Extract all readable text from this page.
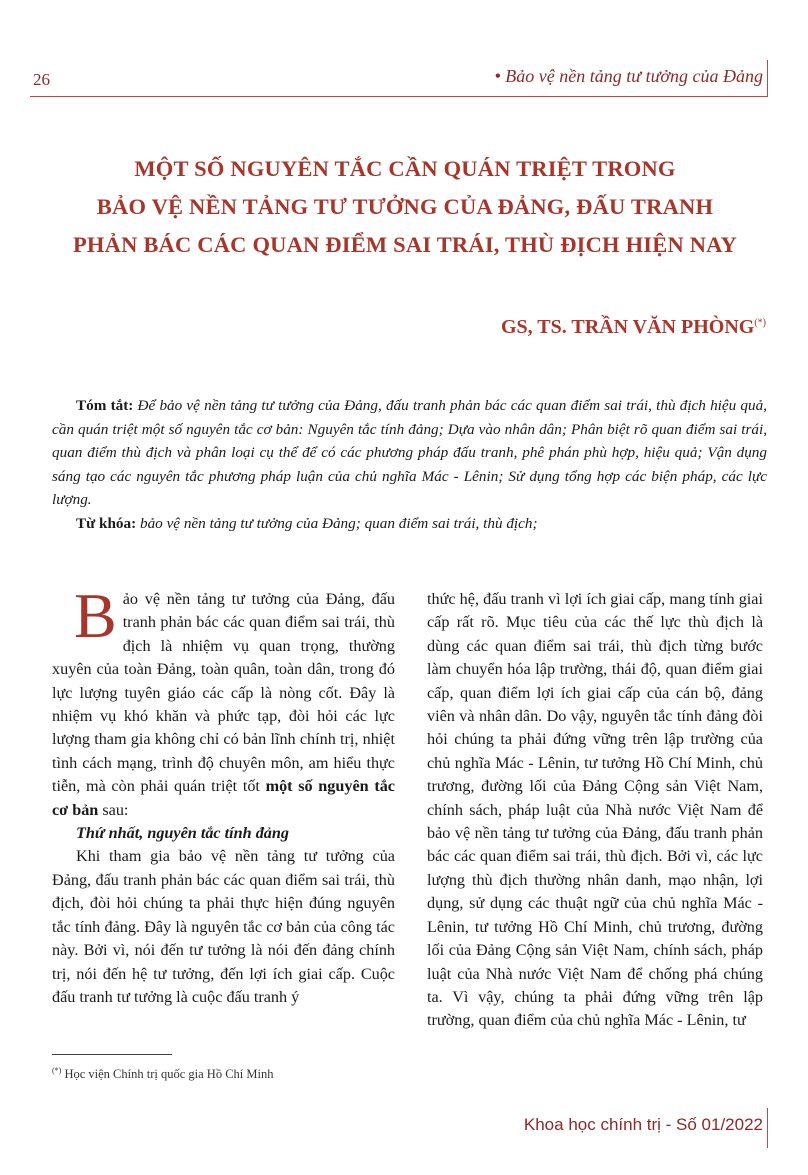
26	• Bảo vệ nền tảng tư tưởng của Đảng
MỘT SỐ NGUYÊN TẮC CẦN QUÁN TRIỆT TRONG
BẢO VỆ NỀN TẢNG TƯ TƯỞNG CỦA ĐẢNG, ĐẤU TRANH
PHẢN BÁC CÁC QUAN ĐIỂM SAI TRÁI, THÙ ĐỊCH HIỆN NAY
GS, TS. TRẦN VĂN PHÒNG(*)

Tóm tắt: Để bảo vệ nền tảng tư tưởng của Đảng, đấu tranh phản bác các quan điểm sai trái, thù địch hiệu quả, cần quán triệt một số nguyên tắc cơ bản: Nguyên tắc tính đảng; Dựa vào nhân dân; Phân biệt rõ quan điểm sai trái, quan điểm thù địch và phân loại cụ thể để có các phương pháp đấu tranh, phê phán phù hợp, hiệu quả; Vận dụng sáng tạo các nguyên tắc phương pháp luận của chủ nghĩa Mác - Lênin; Sử dụng tổng hợp các biện pháp, các lực lượng.

Từ khóa: bảo vệ nền tảng tư tưởng của Đảng; quan điểm sai trái, thù địch;

Bảo vệ nền tảng tư tưởng của Đảng, đấu tranh phản bác các quan điểm sai trái, thù địch là nhiệm vụ quan trọng, thường xuyên của toàn Đảng, toàn quân, toàn dân, trong đó lực lượng tuyên giáo các cấp là nòng cốt. Đây là nhiệm vụ khó khăn và phức tạp, đòi hỏi các lực lượng tham gia không chỉ có bản lĩnh chính trị, nhiệt tình cách mạng, trình độ chuyên môn, am hiểu thực tiễn, mà còn phải quán triệt tốt một số nguyên tắc cơ bản sau:

Thứ nhất, nguyên tắc tính đảng

Khi tham gia bảo vệ nền tảng tư tưởng của Đảng, đấu tranh phản bác các quan điểm sai trái, thù địch, đòi hỏi chúng ta phải thực hiện đúng nguyên tắc tính đảng. Đây là nguyên tắc cơ bản của công tác này. Bởi vì, nói đến tư tưởng là nói đến đảng chính trị, nói đến hệ tư tưởng, đến lợi ích giai cấp. Cuộc đấu tranh tư tưởng là cuộc đấu tranh ý

thức hệ, đấu tranh vì lợi ích giai cấp, mang tính giai cấp rất rõ. Mục tiêu của các thế lực thù địch là dùng các quan điểm sai trái, thù địch từng bước làm chuyển hóa lập trường, thái độ, quan điểm giai cấp, quan điểm lợi ích giai cấp của cán bộ, đảng viên và nhân dân. Do vậy, nguyên tắc tính đảng đòi hỏi chúng ta phải đứng vững trên lập trường của chủ nghĩa Mác - Lênin, tư tưởng Hồ Chí Minh, chủ trương, đường lối của Đảng Cộng sản Việt Nam, chính sách, pháp luật của Nhà nước Việt Nam để bảo vệ nền tảng tư tưởng của Đảng, đấu tranh phản bác các quan điểm sai trái, thù địch. Bởi vì, các lực lượng thù địch thường nhân danh, mạo nhận, lợi dụng, sử dụng các thuật ngữ của chủ nghĩa Mác - Lênin, tư tưởng Hồ Chí Minh, chủ trương, đường lối của Đảng Cộng sản Việt Nam, chính sách, pháp luật của Nhà nước Việt Nam để chống phá chúng ta. Vì vậy, chúng ta phải đứng vững trên lập trường, quan điểm của chủ nghĩa Mác - Lênin, tư

(*) Học viện Chính trị quốc gia Hồ Chí Minh
Khoa học chính trị - Số 01/2022
